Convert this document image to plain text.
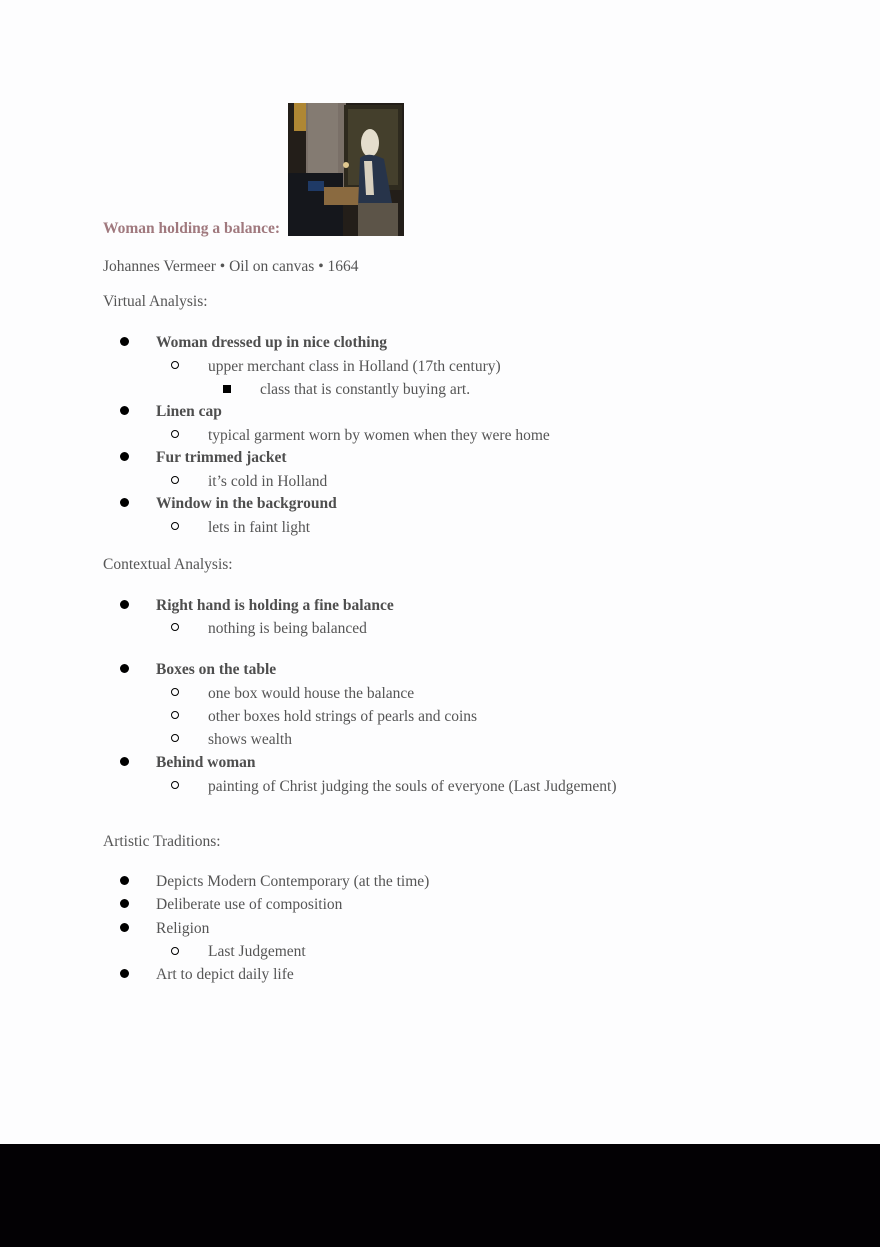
Woman holding a balance:
Johannes Vermeer • Oil on canvas • 1664
Virtual Analysis:
Woman dressed up in nice clothing
upper merchant class in Holland (17th century)
class that is constantly buying art.
Linen cap
typical garment worn by women when they were home
Fur trimmed jacket
it’s cold in Holland
Window in the background
lets in faint light
Contextual Analysis:
Right hand is holding a fine balance
nothing is being balanced
Boxes on the table
one box would house the balance
other boxes hold strings of pearls and coins
shows wealth
Behind woman
painting of Christ judging the souls of everyone (Last Judgement)
Artistic Traditions:
Depicts Modern Contemporary (at the time)
Deliberate use of composition
Religion
Last Judgement
Art to depict daily life
